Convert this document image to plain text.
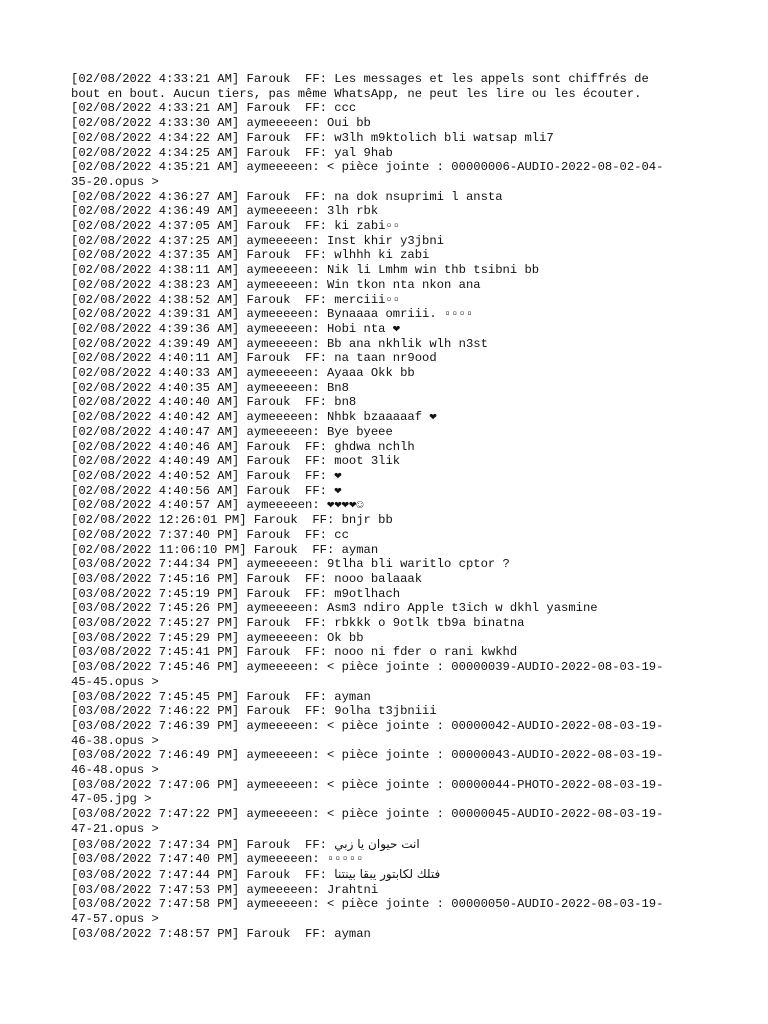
[02/08/2022 4:33:21 AM] Farouk  FF: Les messages et les appels sont chiffrés de
bout en bout. Aucun tiers, pas même WhatsApp, ne peut les lire ou les écouter.
[02/08/2022 4:33:21 AM] Farouk  FF: ccc
[02/08/2022 4:33:30 AM] aymeeeeen: Oui bb
[02/08/2022 4:34:22 AM] Farouk  FF: w3lh m9ktolich bli watsap mli7
[02/08/2022 4:34:25 AM] Farouk  FF: yal 9hab
[02/08/2022 4:35:21 AM] aymeeeeen: < pièce jointe : 00000006-AUDIO-2022-08-02-04-
35-20.opus >
[02/08/2022 4:36:27 AM] Farouk  FF: na dok nsuprimi l ansta
[02/08/2022 4:36:49 AM] aymeeeeen: 3lh rbk
[02/08/2022 4:37:05 AM] Farouk  FF: ki zabi▫▫
[02/08/2022 4:37:25 AM] aymeeeeen: Inst khir y3jbni
[02/08/2022 4:37:35 AM] Farouk  FF: wlhhh ki zabi
[02/08/2022 4:38:11 AM] aymeeeeen: Nik li Lmhm win thb tsibni bb
[02/08/2022 4:38:23 AM] aymeeeeen: Win tkon nta nkon ana
[02/08/2022 4:38:52 AM] Farouk  FF: merciii▫▫
[02/08/2022 4:39:31 AM] aymeeeeen: Bynaaaa omriii. ▫▫▫▫
[02/08/2022 4:39:36 AM] aymeeeeen: Hobi nta ❤
[02/08/2022 4:39:49 AM] aymeeeeen: Bb ana nkhlik wlh n3st
[02/08/2022 4:40:11 AM] Farouk  FF: na taan nr9ood
[02/08/2022 4:40:33 AM] aymeeeeen: Ayaaa Okk bb
[02/08/2022 4:40:35 AM] aymeeeeen: Bn8
[02/08/2022 4:40:40 AM] Farouk  FF: bn8
[02/08/2022 4:40:42 AM] aymeeeeen: Nhbk bzaaaaaf ❤
[02/08/2022 4:40:47 AM] aymeeeeen: Bye byeee
[02/08/2022 4:40:46 AM] Farouk  FF: ghdwa nchlh
[02/08/2022 4:40:49 AM] Farouk  FF: moot 3lik
[02/08/2022 4:40:52 AM] Farouk  FF: ❤
[02/08/2022 4:40:56 AM] Farouk  FF: ❤
[02/08/2022 4:40:57 AM] aymeeeeen: ❤❤❤❤☺
[02/08/2022 12:26:01 PM] Farouk  FF: bnjr bb
[02/08/2022 7:37:40 PM] Farouk  FF: cc
[02/08/2022 11:06:10 PM] Farouk  FF: ayman
[03/08/2022 7:44:34 PM] aymeeeeen: 9tlha bli waritlo cptor ?
[03/08/2022 7:45:16 PM] Farouk  FF: nooo balaaak
[03/08/2022 7:45:19 PM] Farouk  FF: m9otlhach
[03/08/2022 7:45:26 PM] aymeeeeen: Asm3 ndiro Apple t3ich w dkhl yasmine
[03/08/2022 7:45:27 PM] Farouk  FF: rbkkk o 9otlk tb9a binatna
[03/08/2022 7:45:29 PM] aymeeeeen: Ok bb
[03/08/2022 7:45:41 PM] Farouk  FF: nooo ni fder o rani kwkhd
[03/08/2022 7:45:46 PM] aymeeeeen: < pièce jointe : 00000039-AUDIO-2022-08-03-19-
45-45.opus >
[03/08/2022 7:45:45 PM] Farouk  FF: ayman
[03/08/2022 7:46:22 PM] Farouk  FF: 9olha t3jbniii
[03/08/2022 7:46:39 PM] aymeeeeen: < pièce jointe : 00000042-AUDIO-2022-08-03-19-
46-38.opus >
[03/08/2022 7:46:49 PM] aymeeeeen: < pièce jointe : 00000043-AUDIO-2022-08-03-19-
46-48.opus >
[03/08/2022 7:47:06 PM] aymeeeeen: < pièce jointe : 00000044-PHOTO-2022-08-03-19-
47-05.jpg >
[03/08/2022 7:47:22 PM] aymeeeeen: < pièce jointe : 00000045-AUDIO-2022-08-03-19-
47-21.opus >
[03/08/2022 7:47:34 PM] Farouk  FF: انت حيوان يا زبي
[03/08/2022 7:47:40 PM] aymeeeeen: ▫▫▫▫▫
[03/08/2022 7:47:44 PM] Farouk  FF: فتلك لكابتور يبقا بينتنا
[03/08/2022 7:47:53 PM] aymeeeeen: Jrahtni
[03/08/2022 7:47:58 PM] aymeeeeen: < pièce jointe : 00000050-AUDIO-2022-08-03-19-
47-57.opus >
[03/08/2022 7:48:57 PM] Farouk  FF: ayman
